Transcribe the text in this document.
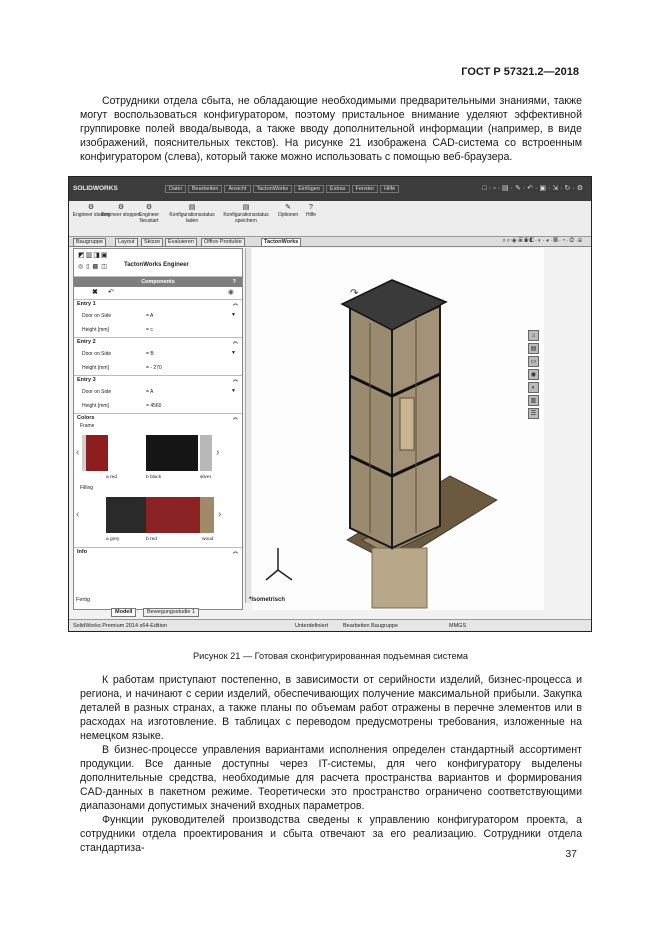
ГОСТ Р 57321.2—2018

Сотрудники отдела сбыта, не обладающие необходимыми предварительными знаниями, также могут воспользоваться конфигуратором, поэтому пристальное внимание уделяют эффективной группировке полей ввода/вывода, а также вводу дополнительной информации (например, в виде изображений, пояснительных текстов). На рисунке 21 изображена CAD-система со встроенным конфигуратором (слева), который также можно использовать с помощью веб-браузера.

SOLIDWORKS	Datei	Bearbeiten	Ansicht	TactonWorks	Einfügen	Extras	Fenster	Hilfe	□·▫·▤·✎·↶·▣·⇲·↻·⚙
⚙
Engineer starten
⚙
Engineer stoppen
⚙
Engineer Neustart
▤
Konfigurationsstatus laden
▤
Konfigurationsstatus speichern
✎
Optionen
?
Hilfe
Baugruppe	Layout	Skizze	Evaluieren	Office Produkte	TactonWorks	⌕⌕◈▣◉◧·◐·◕·▦·◔·◎·⊞
◩▥◨▣
◎▯▩◫ TactonWorks Engineer
Components	?
✖ ↶	◉
Entry 1	︽
Door on Side	= A	▼
Height [mm]	= c
Entry 2	︽
Door on Side	= B	▼
Height [mm]	= - 270
Entry 3	︽
Door on Side	= A	▼
Height [mm]	= 4560
Colors	︽
Frame
‹	›
a red	b black	silver
Filling
‹	›
a grey	b red	wood
Info	︽
Fertig
↷
⌂
▤
▭
◉
◐
▥
☰
*Isometrisch
Modell	Bewegungsstudie 1
SolidWorks Premium 2014 x64-Edition	Unterdefiniert	Bearbeiten Baugruppe	MMGS
Рисунок 21 — Готовая сконфигурированная подъемная система

К работам приступают постепенно, в зависимости от серийности изделий, бизнес-процесса и региона, и начинают с серии изделий, обеспечивающих получение максимальной прибыли. Закупка деталей в разных странах, а также планы по объемам работ отражены в перечне элементов или в расходах на изготовление. В таблицах с переводом предусмотрены требования, изложенные на немецком языке.

В бизнес-процессе управления вариантами исполнения определен стандартный ассортимент продукции. Все данные доступны через IT-системы, для чего конфигуратору выделены дополнительные средства, необходимые для расчета пространства вариантов и формирования CAD-данных в пакетном режиме. Теоретически это пространство ограничено соответствующими диапазонами допустимых значений входных параметров.

Функции руководителей производства сведены к управлению конфигуратором проекта, а сотрудники отдела проектирования и сбыта отвечают за его реализацию. Сотрудники отдела стандартиза-	37
